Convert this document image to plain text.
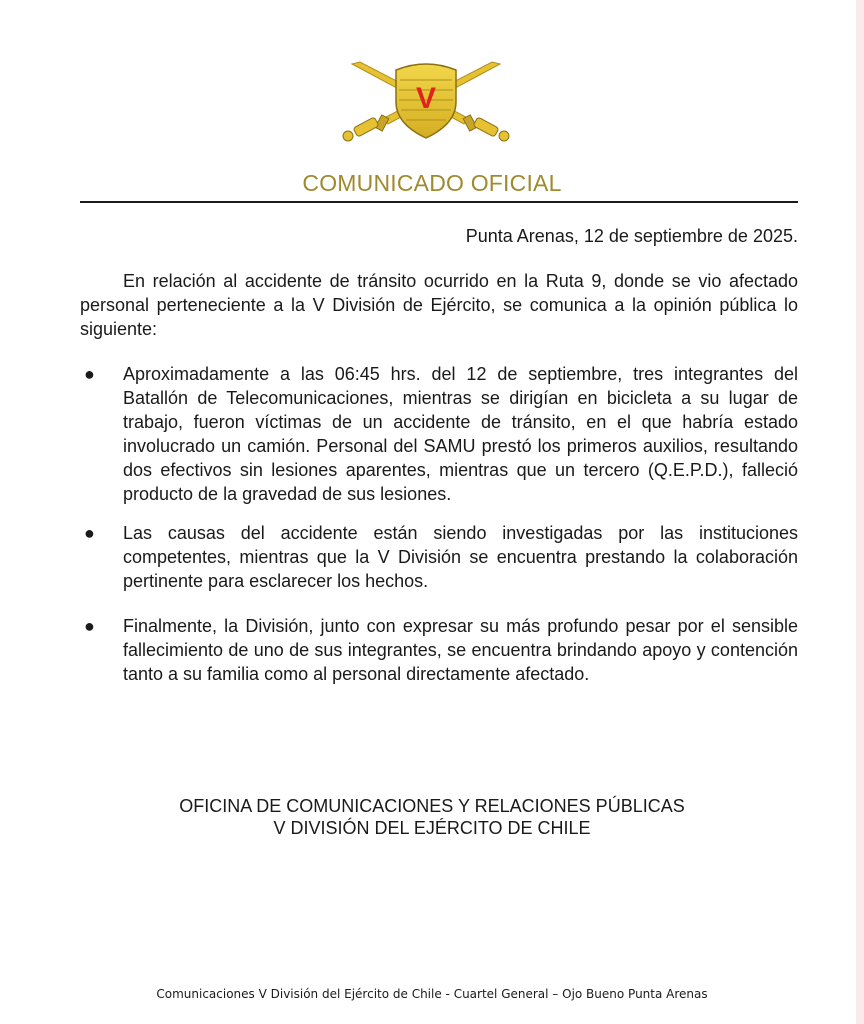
V
COMUNICADO OFICIAL
Punta Arenas, 12 de septiembre de 2025.
En relación al accidente de tránsito ocurrido en la Ruta 9, donde se vio afectado personal perteneciente a la V División de Ejército, se comunica a la opinión pública lo siguiente:
● Aproximadamente a las 06:45 hrs. del 12 de septiembre, tres integrantes del Batallón de Telecomunicaciones, mientras se dirigían en bicicleta a su lugar de trabajo, fueron víctimas de un accidente de tránsito, en el que habría estado involucrado un camión. Personal del SAMU prestó los primeros auxilios, resultando dos efectivos sin lesiones aparentes, mientras que un tercero (Q.E.P.D.), falleció producto de la gravedad de sus lesiones.
● Las causas del accidente están siendo investigadas por las instituciones competentes, mientras que la V División se encuentra prestando la colaboración pertinente para esclarecer los hechos.
● Finalmente, la División, junto con expresar su más profundo pesar por el sensible fallecimiento de uno de sus integrantes, se encuentra brindando apoyo y contención tanto a su familia como al personal directamente afectado.
OFICINA DE COMUNICACIONES Y RELACIONES PÚBLICAS
V DIVISIÓN DEL EJÉRCITO DE CHILE
Comunicaciones V División del Ejército de Chile - Cuartel General – Ojo Bueno Punta Arenas
